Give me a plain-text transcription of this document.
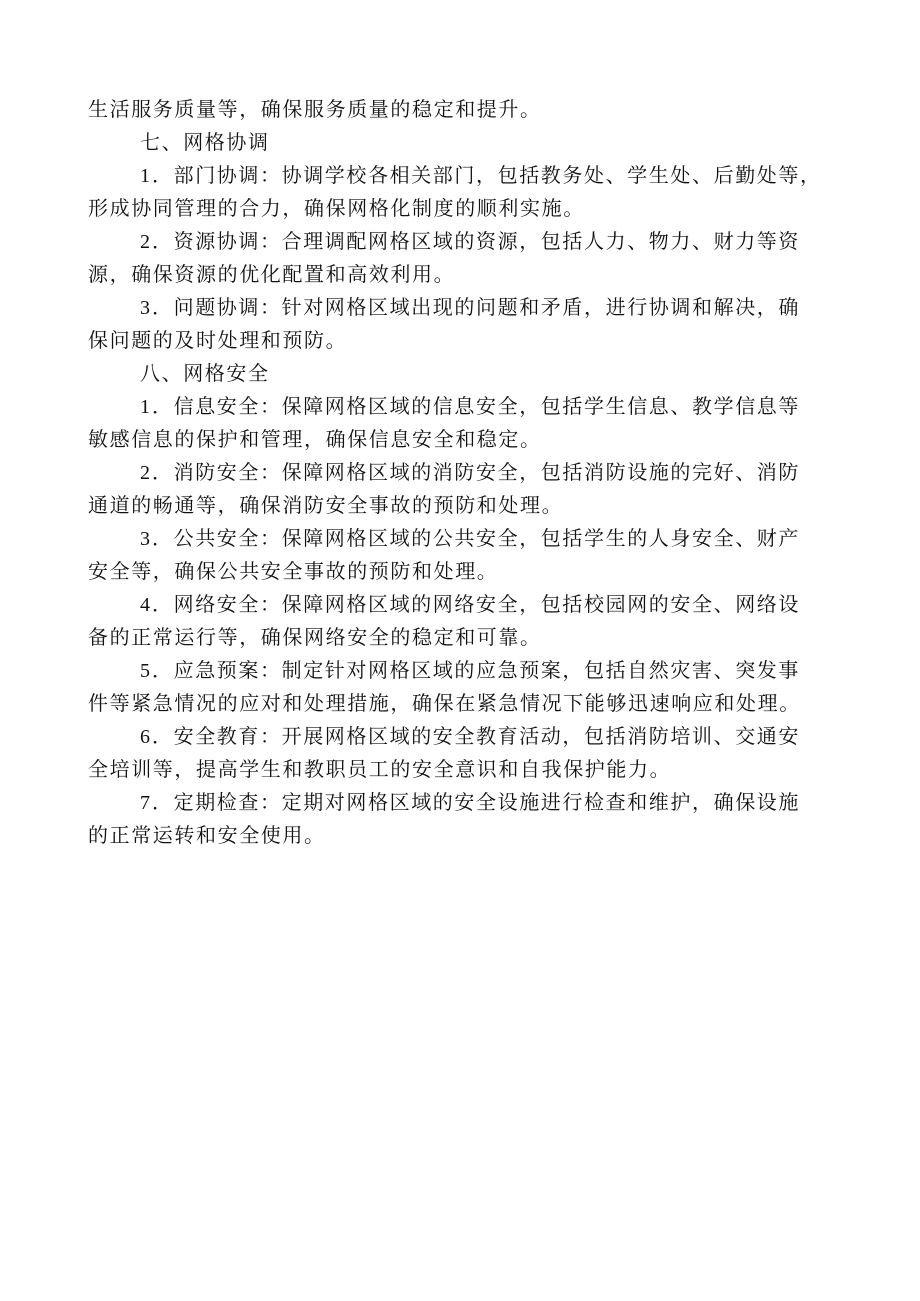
生活服务质量等，确保服务质量的稳定和提升。
七、网格协调
1．部门协调：协调学校各相关部门，包括教务处、学生处、后勤处等，
形成协同管理的合力，确保网格化制度的顺利实施。
2．资源协调：合理调配网格区域的资源，包括人力、物力、财力等资
源，确保资源的优化配置和高效利用。
3．问题协调：针对网格区域出现的问题和矛盾，进行协调和解决，确
保问题的及时处理和预防。
八、网格安全
1．信息安全：保障网格区域的信息安全，包括学生信息、教学信息等
敏感信息的保护和管理，确保信息安全和稳定。
2．消防安全：保障网格区域的消防安全，包括消防设施的完好、消防
通道的畅通等，确保消防安全事故的预防和处理。
3．公共安全：保障网格区域的公共安全，包括学生的人身安全、财产
安全等，确保公共安全事故的预防和处理。
4．网络安全：保障网格区域的网络安全，包括校园网的安全、网络设
备的正常运行等，确保网络安全的稳定和可靠。
5．应急预案：制定针对网格区域的应急预案，包括自然灾害、突发事
件等紧急情况的应对和处理措施，确保在紧急情况下能够迅速响应和处理。
6．安全教育：开展网格区域的安全教育活动，包括消防培训、交通安
全培训等，提高学生和教职员工的安全意识和自我保护能力。
7．定期检查：定期对网格区域的安全设施进行检查和维护，确保设施
的正常运转和安全使用。
